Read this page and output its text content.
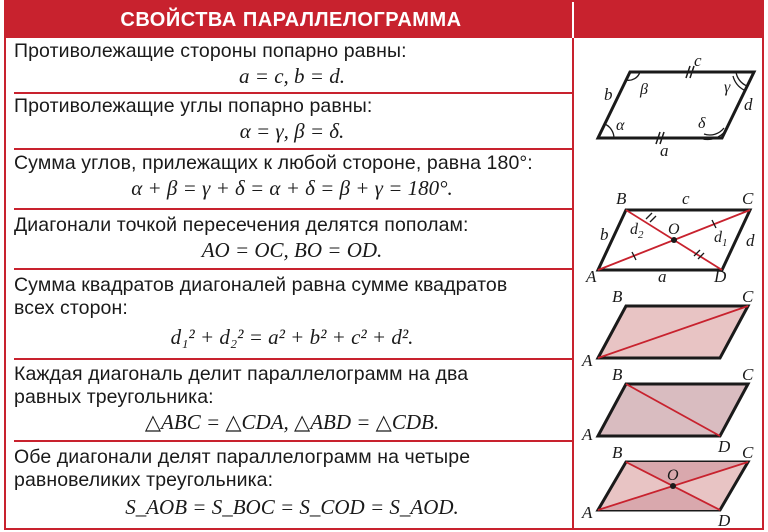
СВОЙСТВА ПАРАЛЛЕЛОГРАММА
Противолежащие стороны попарно равны:
a = c, b = d.
Противолежащие углы попарно равны:
α = γ, β = δ.
Сумма углов, прилежащих к любой стороне, равна 180°:
α + β = γ + δ = α + δ = β + γ = 180°.
Диагонали точкой пересечения делятся пополам:
AO = OC, BO = OD.
Сумма квадратов диагоналей равна сумме квадратов
всех сторон:
d₁² + d₂² = a² + b² + c² + d².
Каждая диагональ делит параллелограмм на два
равных треугольника:
△ABC = △CDA, △ABD = △CDB.
Обе диагонали делят параллелограмм на четыре
равновеликих треугольника:
S_AOB = S_BOC = S_COD = S_AOD.
c
a
b
d
α
β	γ
δ
B	c	C
O
b	d
$d_2$	$d_1$
A	a	D
B	C
A
B	C
A
D
B	C
O
A	D
